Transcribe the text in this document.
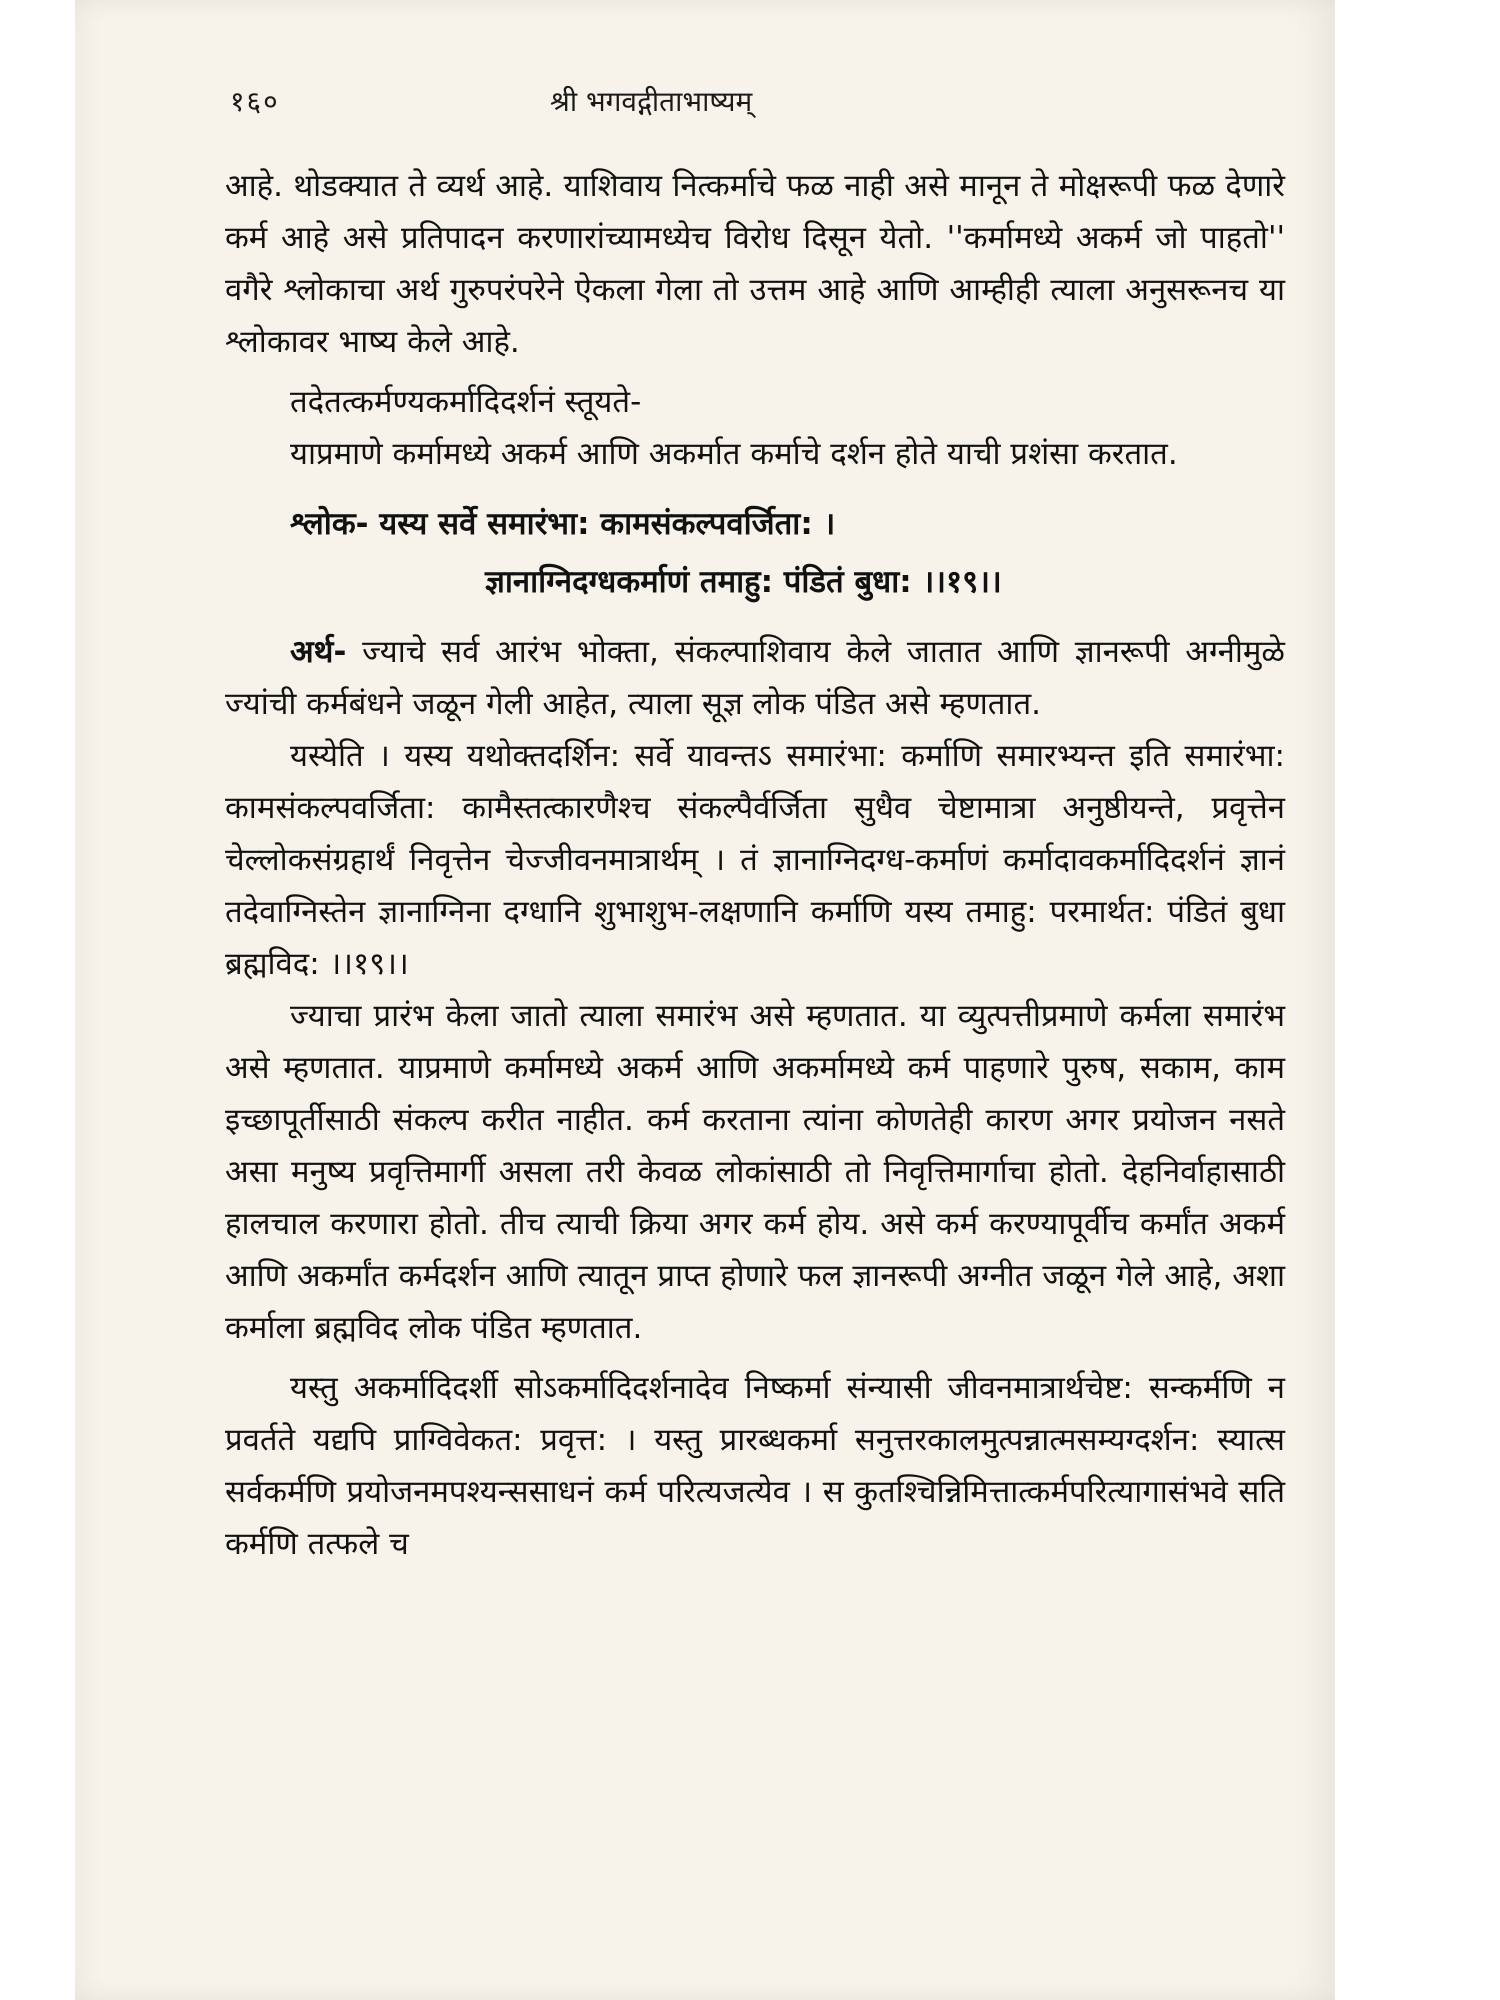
१६०	श्री भगवद्गीताभाष्यम्

आहे. थोडक्यात ते व्यर्थ आहे. याशिवाय नित्कर्माचे फळ नाही असे मानून ते मोक्षरूपी फळ देणारे कर्म आहे असे प्रतिपादन करणारांच्यामध्येच विरोध दिसून येतो. ''कर्मामध्ये अकर्म जो पाहतो'' वगैरे श्लोकाचा अर्थ गुरुपरंपरेने ऐकला गेला तो उत्तम आहे आणि आम्हीही त्याला अनुसरूनच या श्लोकावर भाष्य केले आहे.

तदेतत्कर्मण्यकर्मादिदर्शनं स्तूयते-

याप्रमाणे कर्मामध्ये अकर्म आणि अकर्मात कर्माचे दर्शन होते याची प्रशंसा करतात.

श्लोक- यस्य सर्वे समारंभा: कामसंकल्पवर्जिता: ।
ज्ञानाग्निदग्धकर्माणं तमाहु: पंडितं बुधा: ।।१९।।

अर्थ- ज्याचे सर्व आरंभ भोक्ता, संकल्पाशिवाय केले जातात आणि ज्ञानरूपी अग्नीमुळे ज्यांची कर्मबंधने जळून गेली आहेत, त्याला सूज्ञ लोक पंडित असे म्हणतात.

यस्येति । यस्य यथोक्तदर्शिन: सर्वे यावन्तऽ समारंभा: कर्माणि समारभ्यन्त इति समारंभा: कामसंकल्पवर्जिता: कामैस्तत्कारणैश्च संकल्पैर्वर्जिता सुधैव चेष्टामात्रा अनुष्ठीयन्ते, प्रवृत्तेन चेल्लोकसंग्रहार्थं निवृत्तेन चेज्जीवनमात्रार्थम् । तं ज्ञानाग्निदग्ध-कर्माणं कर्मादावकर्मादिदर्शनं ज्ञानं तदेवाग्निस्तेन ज्ञानाग्निना दग्धानि शुभाशुभ-लक्षणानि कर्माणि यस्य तमाहु: परमार्थत: पंडितं बुधा ब्रह्मविद: ।।१९।।

ज्याचा प्रारंभ केला जातो त्याला समारंभ असे म्हणतात. या व्युत्पत्तीप्रमाणे कर्मला समारंभ असे म्हणतात. याप्रमाणे कर्मामध्ये अकर्म आणि अकर्मामध्ये कर्म पाहणारे पुरुष, सकाम, काम इच्छापूर्तीसाठी संकल्प करीत नाहीत. कर्म करताना त्यांना कोणतेही कारण अगर प्रयोजन नसते असा मनुष्य प्रवृत्तिमार्गी असला तरी केवळ लोकांसाठी तो निवृत्तिमार्गाचा होतो. देहनिर्वाहासाठी हालचाल करणारा होतो. तीच त्याची क्रिया अगर कर्म होय. असे कर्म करण्यापूर्वीच कर्मांत अकर्म आणि अकर्मांत कर्मदर्शन आणि त्यातून प्राप्त होणारे फल ज्ञानरूपी अग्नीत जळून गेले आहे, अशा कर्माला ब्रह्मविद लोक पंडित म्हणतात.

यस्तु अकर्मादिदर्शी सोऽकर्मादिदर्शनादेव निष्कर्मा संन्यासी जीवनमात्रार्थचेष्ट: सन्कर्मणि न प्रवर्तते यद्यपि प्राग्विवेकत: प्रवृत्त: । यस्तु प्रारब्धकर्मा सनुत्तरकालमुत्पन्नात्मसम्यग्दर्शन: स्यात्स सर्वकर्मणि प्रयोजनमपश्यन्ससाधनं कर्म परित्यजत्येव । स कुतश्चिन्निमित्तात्कर्मपरित्यागासंभवे सति कर्मणि तत्फले च
